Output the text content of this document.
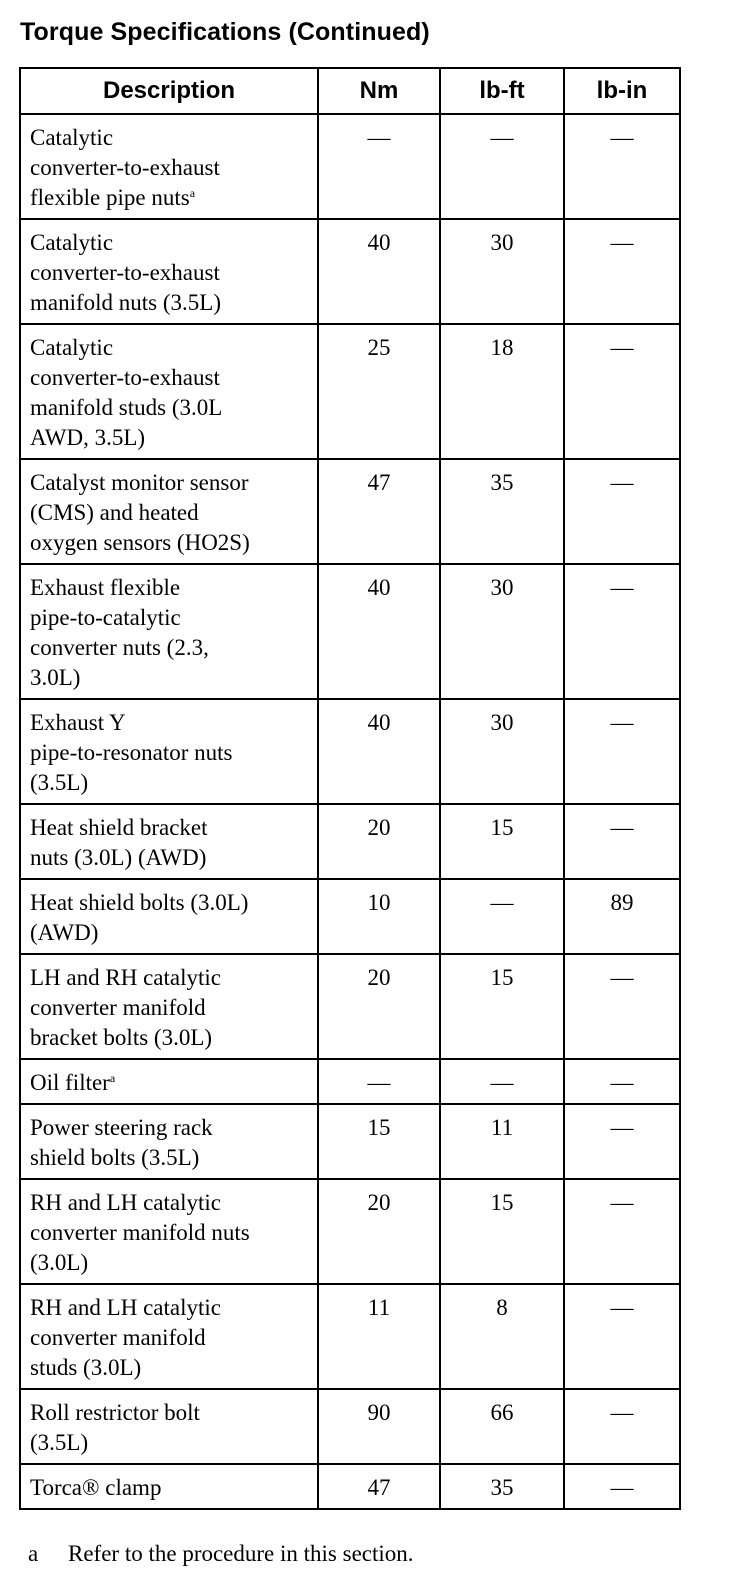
Torque Specifications (Continued)
Description	Nm	lb-ft	lb-in
Catalytic
converter-to-exhaust
flexible pipe nuts$^a$	—	—	—
Catalytic
converter-to-exhaust
manifold nuts (3.5L)	40	30	—
Catalytic
converter-to-exhaust
manifold studs (3.0L
AWD, 3.5L)	25	18	—
Catalyst monitor sensor
(CMS) and heated
oxygen sensors (HO2S)	47	35	—
Exhaust flexible
pipe-to-catalytic
converter nuts (2.3,
3.0L)	40	30	—
Exhaust Y
pipe-to-resonator nuts
(3.5L)	40	30	—
Heat shield bracket
nuts (3.0L) (AWD)	20	15	—
Heat shield bolts (3.0L)
(AWD)	10	—	89
LH and RH catalytic
converter manifold
bracket bolts (3.0L)	20	15	—
Oil filter$^a$	—	—	—
Power steering rack
shield bolts (3.5L)	15	11	—
RH and LH catalytic
converter manifold nuts
(3.0L)	20	15	—
RH and LH catalytic
converter manifold
studs (3.0L)	11	8	—
Roll restrictor bolt
(3.5L)	90	66	—
Torca® clamp	47	35	—
a Refer to the procedure in this section.
